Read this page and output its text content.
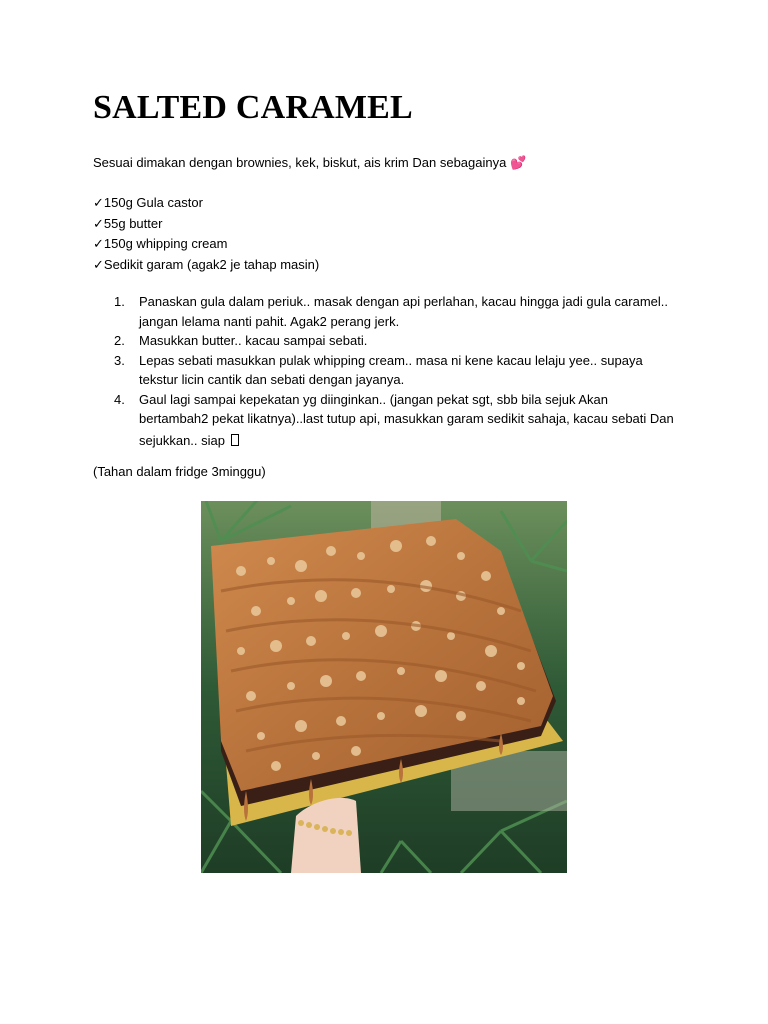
SALTED CARAMEL
Sesuai dimakan dengan brownies, kek, biskut, ais krim Dan sebagainya 💕
✓150g Gula castor
✓55g butter
✓150g whipping cream
✓Sedikit garam (agak2 je tahap masin)
1. Panaskan gula dalam periuk.. masak dengan api perlahan, kacau hingga jadi gula caramel..
jangan lelama nanti pahit. Agak2 perang jerk.
2. Masukkan butter.. kacau sampai sebati.
3. Lepas sebati masukkan pulak whipping cream.. masa ni kene kacau lelaju yee.. supaya
tekstur licin cantik dan sebati dengan jayanya.
4. Gaul lagi sampai kepekatan yg diinginkan.. (jangan pekat sgt, sbb bila sejuk Akan
bertambah2 pekat likatnya)..last tutup api, masukkan garam sedikit sahaja, kacau sebati Dan
sejukkan.. siap
(Tahan dalam fridge 3minggu)
